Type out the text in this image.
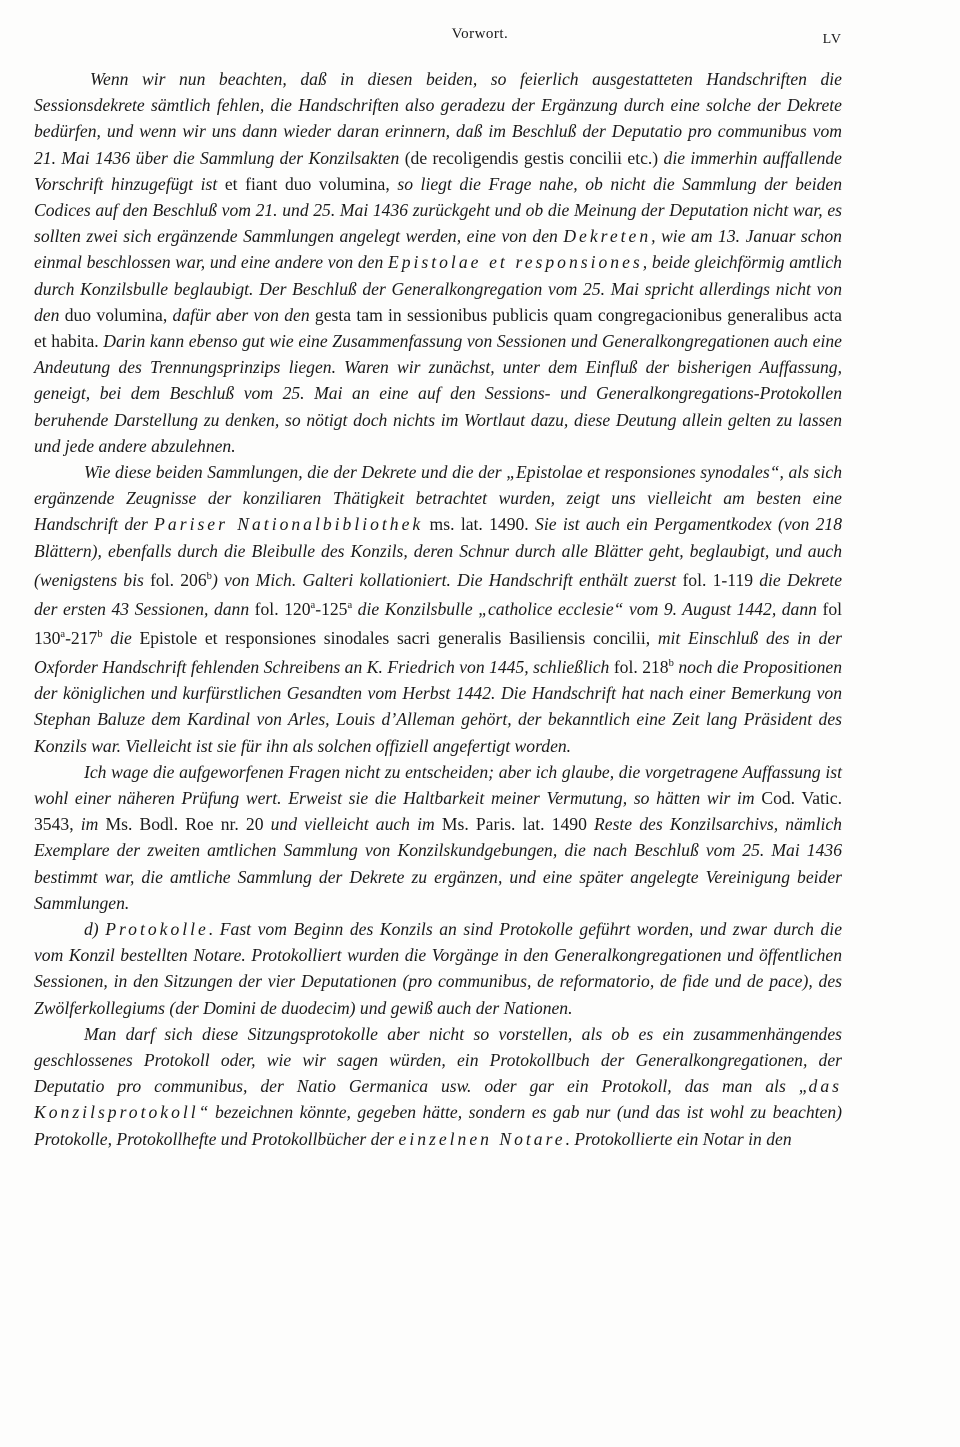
Vorwort.	LV

Wenn wir nun beachten, daß in diesen beiden, so feierlich ausgestatteten Handschriften die Sessionsdekrete sämtlich fehlen, die Handschriften also geradezu der Ergänzung durch eine solche der Dekrete bedürfen, und wenn wir uns dann wieder daran erinnern, daß im Beschluß der Deputatio pro communibus vom 21. Mai 1436 über die Sammlung der Konzilsakten (de recoligendis gestis concilii etc.) die immerhin auffallende Vorschrift hinzugefügt ist et fiant duo volumina, so liegt die Frage nahe, ob nicht die Sammlung der beiden Codices auf den Beschluß vom 21. und 25. Mai 1436 zurückgeht und ob die Meinung der Deputation nicht war, es sollten zwei sich ergänzende Sammlungen angelegt werden, eine von den Dekreten, wie am 13. Januar schon einmal beschlossen war, und eine andere von den Epistolae et responsiones, beide gleichförmig amtlich durch Konzilsbulle beglaubigt. Der Beschluß der Generalkongregation vom 25. Mai spricht allerdings nicht von den duo volumina, dafür aber von den gesta tam in sessionibus publicis quam congregacionibus generalibus acta et habita. Darin kann ebenso gut wie eine Zusammenfassung von Sessionen und Generalkongregationen auch eine Andeutung des Trennungsprinzips liegen. Waren wir zunächst, unter dem Einfluß der bisherigen Auffassung, geneigt, bei dem Beschluß vom 25. Mai an eine auf den Sessions- und Generalkongregations-Protokollen beruhende Darstellung zu denken, so nötigt doch nichts im Wortlaut dazu, diese Deutung allein gelten zu lassen und jede andere abzulehnen.

Wie diese beiden Sammlungen, die der Dekrete und die der „Epistolae et responsiones synodales“, als sich ergänzende Zeugnisse der konziliaren Thätigkeit betrachtet wurden, zeigt uns vielleicht am besten eine Handschrift der Pariser Nationalbibliothek ms. lat. 1490. Sie ist auch ein Pergamentkodex (von 218 Blättern), ebenfalls durch die Bleibulle des Konzils, deren Schnur durch alle Blätter geht, beglaubigt, und auch (wenigstens bis fol. 206$^b$) von Mich. Galteri kollationiert. Die Handschrift enthält zuerst fol. 1-119 die Dekrete der ersten 43 Sessionen, dann fol. 120$^a$-125$^a$ die Konzilsbulle „catholice ecclesie“ vom 9. August 1442, dann fol 130$^a$-217$^b$ die Epistole et responsiones sinodales sacri generalis Basiliensis concilii, mit Einschluß des in der Oxforder Handschrift fehlenden Schreibens an K. Friedrich von 1445, schließlich fol. 218$^b$ noch die Propositionen der königlichen und kurfürstlichen Gesandten vom Herbst 1442. Die Handschrift hat nach einer Bemerkung von Stephan Baluze dem Kardinal von Arles, Louis d’Alleman gehört, der bekanntlich eine Zeit lang Präsident des Konzils war. Vielleicht ist sie für ihn als solchen offiziell angefertigt worden.

Ich wage die aufgeworfenen Fragen nicht zu entscheiden; aber ich glaube, die vorgetragene Auffassung ist wohl einer näheren Prüfung wert. Erweist sie die Haltbarkeit meiner Vermutung, so hätten wir im Cod. Vatic. 3543, im Ms. Bodl. Roe nr. 20 und vielleicht auch im Ms. Paris. lat. 1490 Reste des Konzilsarchivs, nämlich Exemplare der zweiten amtlichen Sammlung von Konzilskundgebungen, die nach Beschluß vom 25. Mai 1436 bestimmt war, die amtliche Sammlung der Dekrete zu ergänzen, und eine später angelegte Vereinigung beider Sammlungen.

d) Protokolle. Fast vom Beginn des Konzils an sind Protokolle geführt worden, und zwar durch die vom Konzil bestellten Notare. Protokolliert wurden die Vorgänge in den Generalkongregationen und öffentlichen Sessionen, in den Sitzungen der vier Deputationen (pro communibus, de reformatorio, de fide und de pace), des Zwölferkollegiums (der Domini de duodecim) und gewiß auch der Nationen.

Man darf sich diese Sitzungsprotokolle aber nicht so vorstellen, als ob es ein zusammenhängendes geschlossenes Protokoll oder, wie wir sagen würden, ein Protokollbuch der Generalkongregationen, der Deputatio pro communibus, der Natio Germanica usw. oder gar ein Protokoll, das man als „das Konzilsprotokoll“ bezeichnen könnte, gegeben hätte, sondern es gab nur (und das ist wohl zu beachten) Protokolle, Protokollhefte und Protokollbücher der einzelnen Notare. Protokollierte ein Notar in den
